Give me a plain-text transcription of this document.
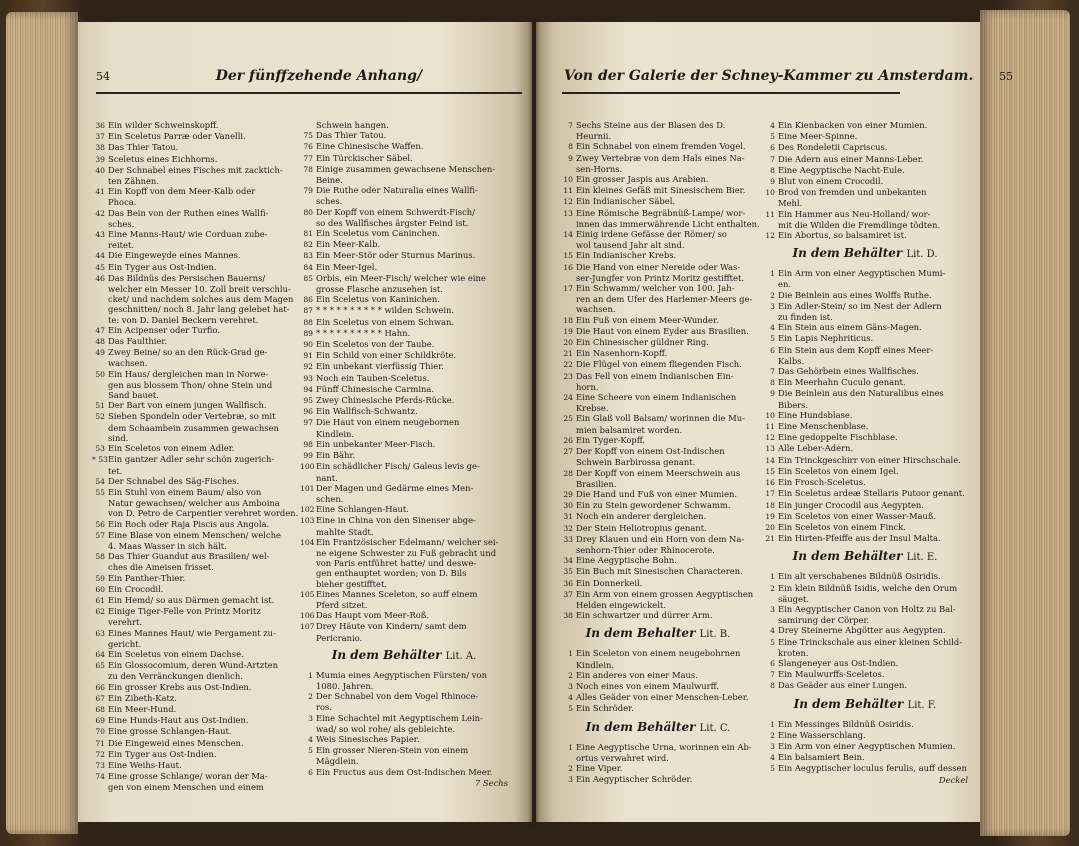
54	Der fünffzehende Anhang/
36 Ein wilder Schweinskopff.
37 Ein Sceletus Parræ oder Vanelli.
38 Das Thier Tatou.
39 Sceletus eines Eichhorns.
40 Der Schnabel eines Fisches mit zacktich-
ten Zähnen.
41 Ein Kopff von dem Meer-Kalb oder
Phoca.
42 Das Bein von der Ruthen eines Wallfi-
sches.
43 Eine Manns-Haut/ wie Corduan zube-
reitet.
44 Die Eingeweyde eines Mannes.
45 Ein Tyger aus Ost-Indien.
46 Das Bildnüs des Persischen Bauerns/
welcher ein Messer 10. Zoll breit verschlu-
cket/ und nachdem solches aus dem Magen
geschnitten/ noch 8. Jahr lang gelebet hat-
te: von D. Daniel Beckern verehret.
47 Ein Acipenser oder Turfio.
48 Das Faulthier.
49 Zwey Beine/ so an den Rück-Grad ge-
wachsen.
50 Ein Haus/ dergleichen man in Norwe-
gen aus blossem Thon/ ohne Stein und
Sand bauet.
51 Der Bart von einem jungen Wallfisch.
52 Sieben Spondeln oder Vertebræ, so mit
dem Schaambein zusammen gewachsen
sind.
53 Ein Sceletos von einem Adler.
* 53Ein gantzer Adler sehr schön zugerich-
tet.
54 Der Schnabel des Säg-Fisches.
55 Ein Stuhl von einem Baum/ also von
Natur gewachsen/ welcher aus Amboina
von D. Petro de Carpentier verehret worden.
56 Ein Roch oder Raja Piscis aus Angola.
57 Eine Blase von einem Menschen/ welche
4. Maas Wasser in sich hält.
58 Das Thier Guandut aus Brasilien/ wel-
ches die Ameisen frisset.
59 Ein Panther-Thier.
60 Ein Crocodil.
61 Ein Hemd/ so aus Därmen gemacht ist.
62 Einige Tiger-Felle von Printz Moritz
verehrt.
63 Eines Mannes Haut/ wie Pergament zu-
gericht.
64 Ein Sceletus von einem Dachse.
65 Ein Glossocomium, deren Wund-Artzten
zu den Verränckungen dienlich.
66 Ein grosser Krebs aus Ost-Indien.
67 Ein Zibeth-Katz.
68 Ein Meer-Hund.
69 Eine Hunds-Haut aus Ost-Indien.
70 Eine grosse Schlangen-Haut.
71 Die Eingeweid eines Menschen.
72 Ein Tyger aus Ost-Indien.
73 Eine Weihs-Haut.
74 Eine grosse Schlange/ woran der Ma-
gen von einem Menschen und einem
Schwein hangen.
75 Das Thier Tatou.
76 Eine Chinesische Waffen.
77 Ein Türckischer Säbel.
78 Einige zusammen gewachsene Menschen-
Beine.
79 Die Ruthe oder Naturalia eines Wallfi-
sches.
80 Der Kopff von einem Schwerdt-Fisch/
so des Wallfisches ärgster Feind ist.
81 Ein Sceletus vom Caninchen.
82 Ein Meer-Kalb.
83 Ein Meer-Stör oder Sturnus Marinus.
84 Ein Meer-Igel.
85 Orbis, ein Meer-Fisch/ welcher wie eine
grosse Flasche anzusehen ist.
86 Ein Sceletus von Kaninichen.
87 * * * * * * * * * * wilden Schwein.
88 Ein Sceletus von einem Schwan.
89 * * * * * * * * * * Hahn.
90 Ein Sceletos von der Taube.
91 Ein Schild von einer Schildkröte.
92 Ein unbekant vierfüssig Thier.
93 Noch ein Tauben-Sceletus.
94 Fünff Chinesische Carmina.
95 Zwey Chinesische Pferds-Rücke.
96 Ein Wallfisch-Schwantz.
97 Die Haut von einem neugebornen
Kindlein.
98 Ein unbekanter Meer-Fisch.
99 Ein Bähr.
100 Ein schädlicher Fisch/ Galeus levis ge-
nant.
101 Der Magen und Gedärme eines Men-
schen.
102 Eine Schlangen-Haut.
103 Eine in China von den Sinenser abge-
mahlte Stadt.
104 Ein Frantzösischer Edelmann/ welcher sei-
ne eigene Schwester zu Fuß gebracht und
von Paris entführet hatte/ und deswe-
gen enthauptet worden; von D. Bils
bieher gestifftet.
105 Eines Mannes Sceleton, so auff einem
Pferd sitzet.
106 Das Haupt vom Meer-Roß.
107 Drey Häute von Kindern/ samt dem
Pericranio.
In dem Behälter Lit. A.
1 Mumia eines Aegyptischen Fürsten/ von
1080. Jahren.
2 Der Schnabel von dem Vogel Rhinoce-
ros.
3 Eine Schachtel mit Aegyptischem Lein-
wad/ so wol rohe/ als gebleichte.
4 Weis Sinesisches Papier.
5 Ein grosser Nieren-Stein von einem
Mägdlein.
6 Ein Fructus aus dem Ost-Indischen Meer.
7 Sechs
Von der Galerie der Schney-Kammer zu Amsterdam. 55
7 Sechs Steine aus der Blasen des D.
Heurnii.
8 Ein Schnabel von einem fremden Vogel.
9 Zwey Vertebræ von dem Hals eines Na-
sen-Horns.
10 Ein grosser Jaspis aus Arabien.
11 Ein kleines Gefäß mit Sinesischem Bier.
12 Ein Indianischer Säbel.
13 Eine Römische Begräbnüß-Lampe/ wor-
innen das immerwährende Licht enthalten.
14 Einig irdene Gefässe der Römer/ so
wol tausend Jahr alt sind.
15 Ein Indianischer Krebs.
16 Die Hand von einer Nereide oder Was-
ser-Jungfer von Printz Moritz gestifftet.
17 Ein Schwamm/ welcher von 100. Jah-
ren an dem Ufer des Harlemer-Meers ge-
wachsen.
18 Ein Fuß von einem Meer-Wunder.
19 Die Haut von einem Eyder aus Brasilien.
20 Ein Chinesischer güldner Ring.
21 Ein Nasenhorn-Kopff.
22 Die Flügel von einem fliegenden Fisch.
23 Das Fell von einem Indianischen Ein-
horn.
24 Eine Scheere von einem Indianischen
Krebse.
25 Ein Glaß voll Balsam/ worinnen die Mu-
mien balsamiret worden.
26 Ein Tyger-Kopff.
27 Der Kopff von einem Ost-Indischen
Schwein Barbirossa genant.
28 Der Kopff von einem Meerschwein aus
Brasilien.
29 Die Hand und Fuß von einer Mumien.
30 Ein zu Stein gewordener Schwamm.
31 Noch ein anderer dergleichen.
32 Der Stein Heliotropius genant.
33 Drey Klauen und ein Horn von dem Na-
senhorn-Thier oder Rhinocerote.
34 Eine Aegyptische Bohn.
35 Ein Buch mit Sinesischen Characteren.
36 Ein Donnerkeil.
37 Ein Arm von einem grossen Aegyptischen
Helden eingewickelt.
38 Ein schwartzer und dürrer Arm.
In dem Behalter Lit. B.
1 Ein Sceleton von einem neugebohrnen
Kindlein.
2 Ein anderes von einer Maus.
3 Noch eines von einem Maulwurff.
4 Alles Geäder von einer Menschen-Leber.
5 Ein Schröder.
In dem Behälter Lit. C.
1 Eine Aegyptische Urna, worinnen ein Ab-
ortus verwahret wird.
2 Eine Viper.
3 Ein Aegyptischer Schröder.
4 Ein Kienbacken von einer Mumien.
5 Eine Meer-Spinne.
6 Des Rondeletii Capriscus.
7 Die Adern aus einer Manns-Leber.
8 Eine Aegyptische Nacht-Eule.
9 Blut von einem Crocodil.
10 Brod von fremden und unbekanten
Mehl.
11 Ein Hammer aus Neu-Holland/ wor-
mit die Wilden die Fremdlinge tödten.
12 Ein Abortus, so balsamiret ist.
In dem Behälter Lit. D.
1 Ein Arm von einer Aegyptischen Mumi-
en.
2 Die Beinlein aus eines Wolffs Ruthe.
3 Ein Adler-Stein/ so im Nest der Adlern
zu finden ist.
4 Ein Stein aus einem Gäns-Magen.
5 Ein Lapis Nephriticus.
6 Ein Stein aus dem Kopff eines Meer-
Kalbs.
7 Das Gehörbein eines Wallfisches.
8 Ein Meerhahn Cuculo genant.
9 Die Beinlein aus den Naturalibus eines
Bibers.
10 Eine Hundsblase.
11 Eine Menschenblase.
12 Eine gedoppelte Fischblase.
13 Alle Leber-Adern.
14 Ein Trinckgeschirr von einer Hirschschale.
15 Ein Sceletos von einem Igel.
16 Ein Frosch-Sceletus.
17 Ein Sceletus ardeæ Stellaris Putoor genant.
18 Ein junger Crocodil aus Aegypten.
19 Ein Sceletos von einer Wasser-Mauß.
20 Ein Sceletos von einem Finck.
21 Ein Hirten-Pfeiffe aus der Insul Malta.
In dem Behälter Lit. E.
1 Ein alt verschabenes Bildnüß Osiridis.
2 Ein klein Bildnüß Isidis, welche den Orum
säuget.
3 Ein Aegyptischer Canon von Holtz zu Bal-
samirung der Cörper.
4 Drey Steinerne Abgötter aus Aegypten.
5 Eine Trinckschale aus einer kleinen Schild-
kroten.
6 Slangeneyer aus Ost-Indien.
7 Ein Maulwurffs-Sceletos.
8 Das Geäder aus einer Lungen.
In dem Behälter Lit. F.
1 Ein Messinges Bildnüß Osiridis.
2 Eine Wasserschlang.
3 Ein Arm von einer Aegyptischen Mumien.
4 Ein balsamiert Bein.
5 Ein Aegyptischer loculus ferulis, auff dessen
Deckel
